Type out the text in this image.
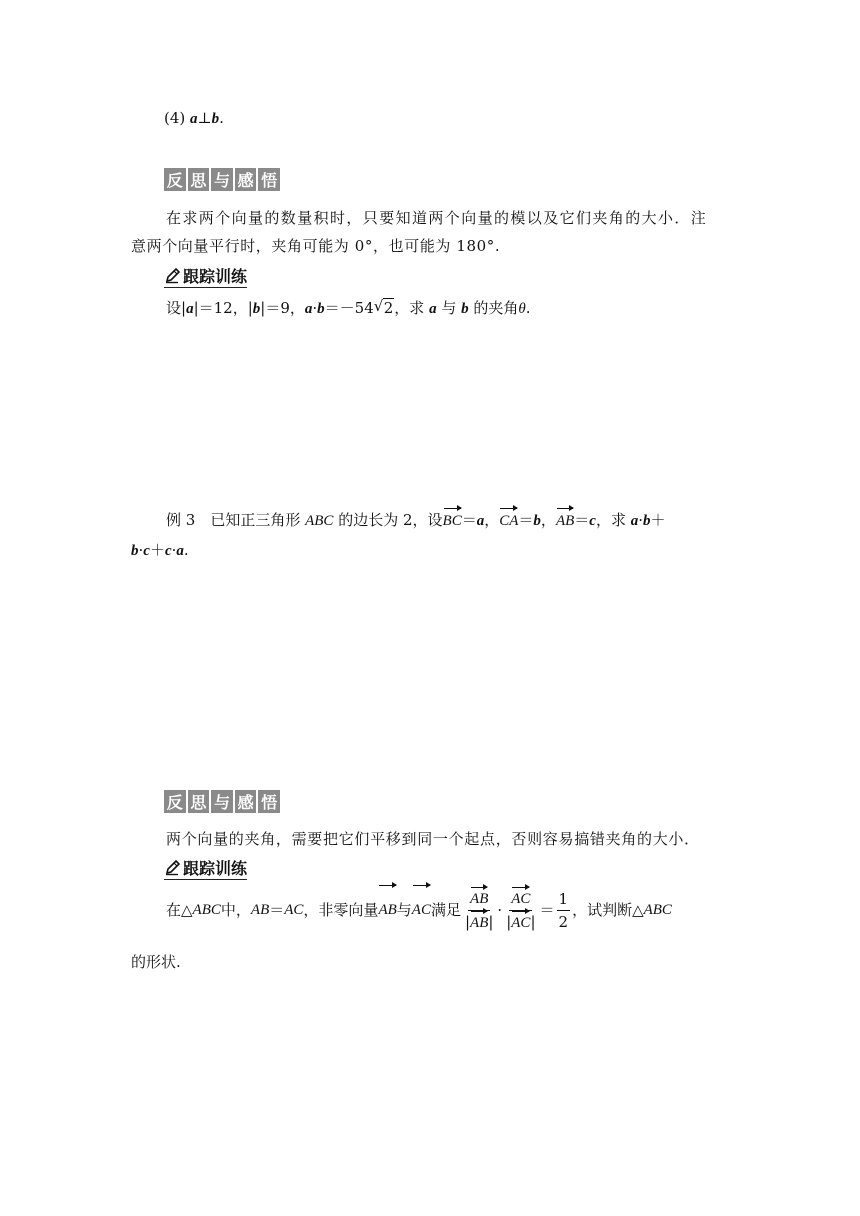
(4) a⊥b.
反 思 与 感 悟
在求两个向量的数量积时，只要知道两个向量的模以及它们夹角的大小．注
意两个向量平行时，夹角可能为 0°，也可能为 180°.
跟踪训练
设|a|＝12，|b|＝9，a·b＝－54√ 2，求 a 与 b 的夹角θ.
例 3　已知正三角形 ABC 的边长为 2，设BC＝a，CA＝b，AB＝c，求 a·b＋
b·c＋c·a.
反 思 与 感 悟
两个向量的夹角，需要把它们平移到同一个起点，否则容易搞错夹角的大小．
跟踪训练
在△ ABC 中， AB ＝ AC ，非零向量 AB 与 AC 满足 $\frac{AB}{|AB|} \cdot \frac{AC}{|AC|} = \frac{1}{2}$ ，试判断△ ABC
的形状.
